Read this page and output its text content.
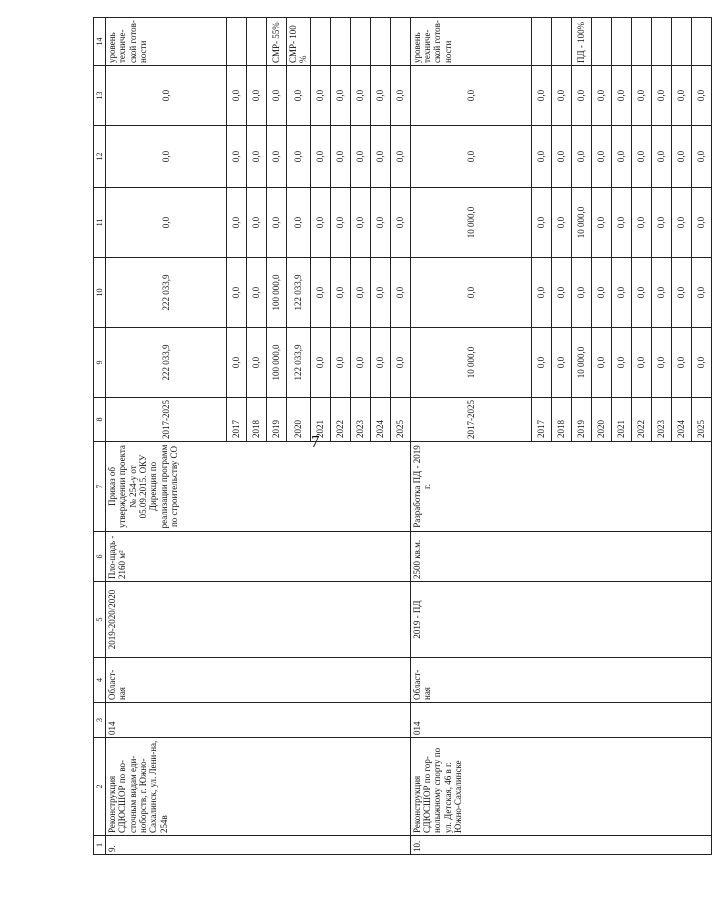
7
1	2	3	4	5	6	7	8	9	10	11	12	13	14
9.	Реконструкция СДЮСШОР по во-сточным видам еди-ноборств, г. Южно-Сахалинск, ул. Лени-на, 254в	014	Област-ная	2019-2020/2020	Пло-щадь - 2160 м²	Приказ об утверждении проекта № 254-у от 05.09.2015. ОКУ Дирекция по реализации программ по строительству СО	2017-2025	222 033,9	222 033,9	0,0	0,0	0,0	уровень техниче-ской готов-ности
							2017	0,0	0,0	0,0	0,0	0,0	
							2018	0,0	0,0	0,0	0,0	0,0	
							2019	100 000,0	100 000,0	0,0	0,0	0,0	СМР- 55%
							2020	122 033,9	122 033,9	0,0	0,0	0,0	СМР- 100 %
							2021	0,0	0,0	0,0	0,0	0,0	
							2022	0,0	0,0	0,0	0,0	0,0	
							2023	0,0	0,0	0,0	0,0	0,0	
							2024	0,0	0,0	0,0	0,0	0,0	
							2025	0,0	0,0	0,0	0,0	0,0	
10.	Реконструкция СДЮСШОР по гор-нолыжному спорту по ул. Детская, 46 в г. Южно-Сахалинске	014	Област-ная	2019 - ПД	2500 кв.м.	Разработка ПД - 2019 г.	2017-2025	10 000,0	0,0	10 000,0	0,0	0,0	уровень техниче-ской готов-ности
							2017	0,0	0,0	0,0	0,0	0,0	
							2018	0,0	0,0	0,0	0,0	0,0	
							2019	10 000,0	0,0	10 000,0	0,0	0,0	ПД - 100%
							2020	0,0	0,0	0,0	0,0	0,0	
							2021	0,0	0,0	0,0	0,0	0,0	
							2022	0,0	0,0	0,0	0,0	0,0	
							2023	0,0	0,0	0,0	0,0	0,0	
							2024	0,0	0,0	0,0	0,0	0,0	
							2025	0,0	0,0	0,0	0,0	0,0	
